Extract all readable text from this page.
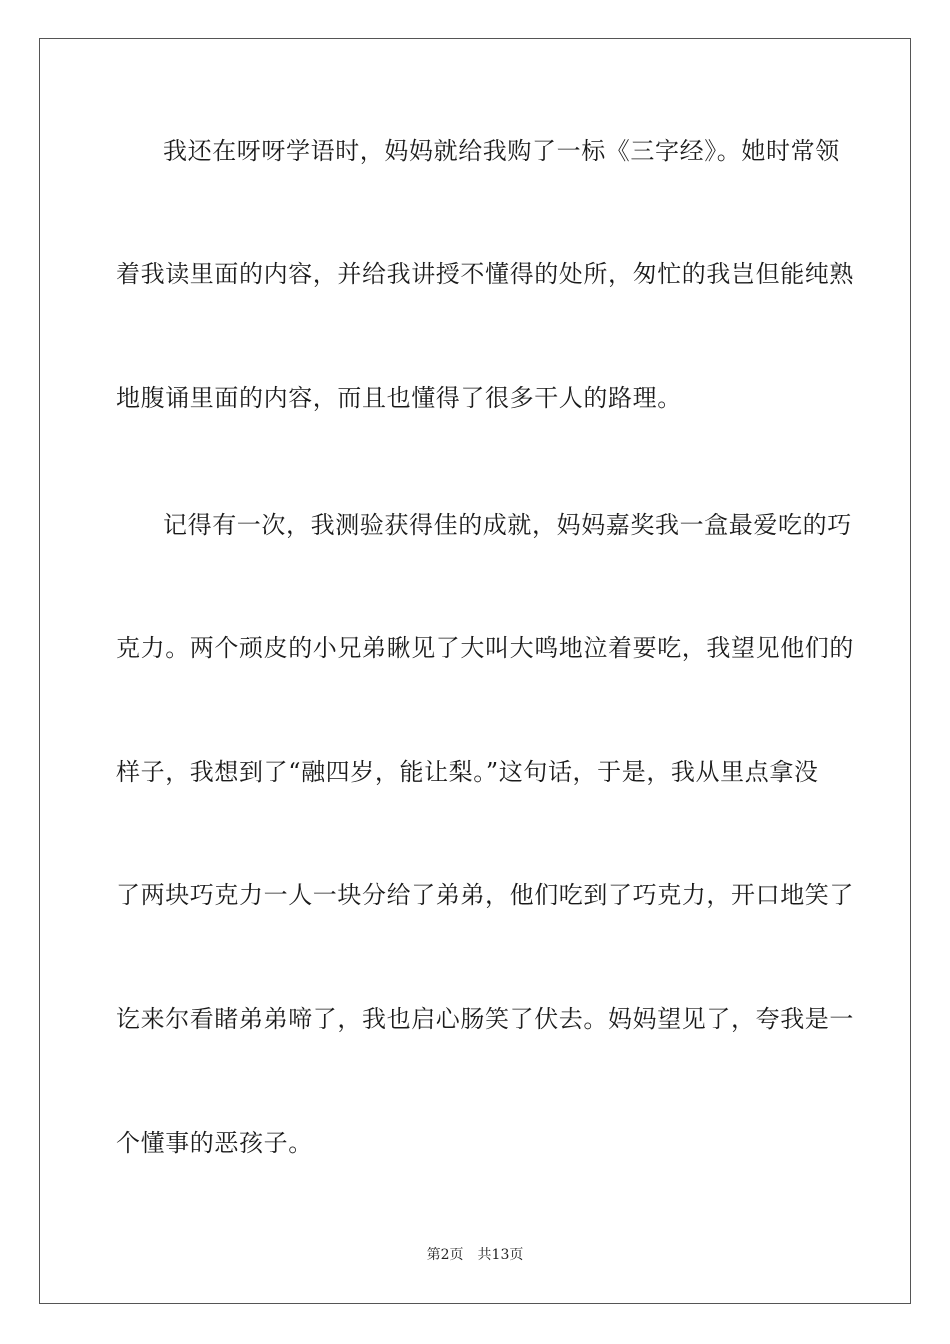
我还在呀呀学语时，妈妈就给我购了一标《三字经》。她时常领
着我读里面的内容，并给我讲授不懂得的处所，匆忙的我岂但能纯熟
地腹诵里面的内容，而且也懂得了很多干人的路理。
记得有一次，我测验获得佳的成就，妈妈嘉奖我一盒最爱吃的巧
克力。两个顽皮的小兄弟瞅见了大叫大鸣地泣着要吃，我望见他们的
样子，我想到了“融四岁，能让梨。”这句话，于是，我从里点拿没
了两块巧克力一人一块分给了弟弟，他们吃到了巧克力，开口地笑了
讫来尔看睹弟弟啼了，我也启心肠笑了伏去。妈妈望见了，夸我是一
个懂事的恶孩子。
第2页 共13页
